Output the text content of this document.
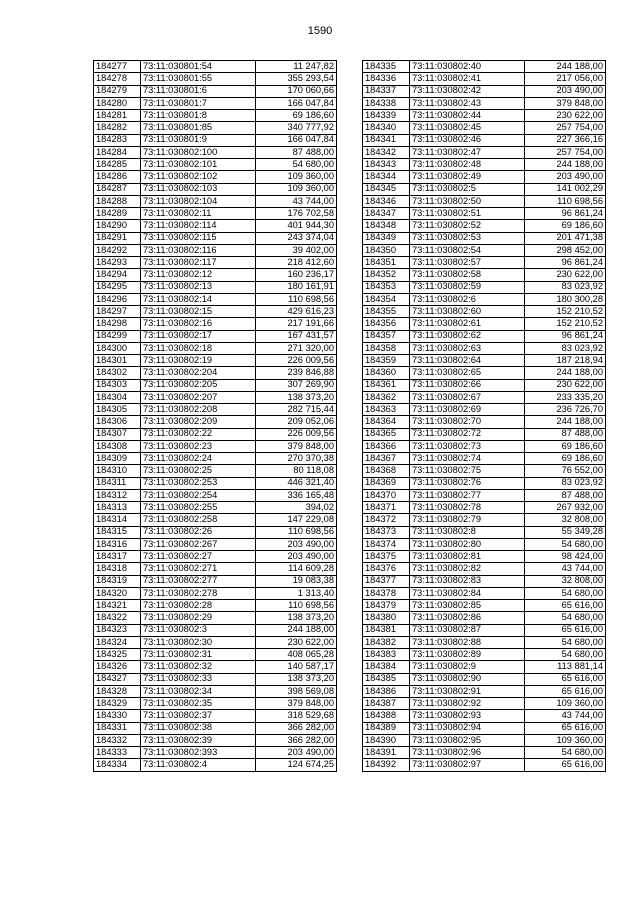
1590
184277	73:11:030801:54	11 247,82
184278	73:11:030801:55	355 293,54
184279	73:11:030801:6	170 060,66
184280	73:11:030801:7	166 047,84
184281	73:11:030801:8	69 186,60
184282	73:11:030801:85	340 777,92
184283	73:11:030801:9	166 047,84
184284	73:11:030802:100	87 488,00
184285	73:11:030802:101	54 680,00
184286	73:11:030802:102	109 360,00
184287	73:11:030802:103	109 360,00
184288	73:11:030802:104	43 744,00
184289	73:11:030802:11	176 702,58
184290	73:11:030802:114	401 944,30
184291	73:11:030802:115	243 374,04
184292	73:11:030802:116	39 402,00
184293	73:11:030802:117	218 412,60
184294	73:11:030802:12	160 236,17
184295	73:11:030802:13	180 161,91
184296	73:11:030802:14	110 698,56
184297	73:11:030802:15	429 616,23
184298	73:11:030802:16	217 191,66
184299	73:11:030802:17	167 431,57
184300	73:11:030802:18	271 320,00
184301	73:11:030802:19	226 009,56
184302	73:11:030802:204	239 846,88
184303	73:11:030802:205	307 269,90
184304	73:11:030802:207	138 373,20
184305	73:11:030802:208	282 715,44
184306	73:11:030802:209	209 052,06
184307	73:11:030802:22	226 009,56
184308	73:11:030802:23	379 848,00
184309	73:11:030802:24	270 370,38
184310	73:11:030802:25	80 118,08
184311	73:11:030802:253	446 321,40
184312	73:11:030802:254	336 165,48
184313	73:11:030802:255	394,02
184314	73:11:030802:258	147 229,08
184315	73:11:030802:26	110 698,56
184316	73:11:030802:267	203 490,00
184317	73:11:030802:27	203 490,00
184318	73:11:030802:271	114 609,28
184319	73:11:030802:277	19 083,38
184320	73:11:030802:278	1 313,40
184321	73:11:030802:28	110 698,56
184322	73:11:030802:29	138 373,20
184323	73:11:030802:3	244 188,00
184324	73:11:030802:30	230 622,00
184325	73:11:030802:31	408 065,28
184326	73:11:030802:32	140 587,17
184327	73:11:030802:33	138 373,20
184328	73:11:030802:34	398 569,08
184329	73:11:030802:35	379 848,00
184330	73:11:030802:37	318 529,68
184331	73:11:030802:38	366 282,00
184332	73:11:030802:39	366 282,00
184333	73:11:030802:393	203 490,00
184334	73:11:030802:4	124 674,25
184335	73:11:030802:40	244 188,00
184336	73:11:030802:41	217 056,00
184337	73:11:030802:42	203 490,00
184338	73:11:030802:43	379 848,00
184339	73:11:030802:44	230 622,00
184340	73:11:030802:45	257 754,00
184341	73:11:030802:46	227 366,16
184342	73:11:030802:47	257 754,00
184343	73:11:030802:48	244 188,00
184344	73:11:030802:49	203 490,00
184345	73:11:030802:5	141 002,29
184346	73:11:030802:50	110 698,56
184347	73:11:030802:51	96 861,24
184348	73:11:030802:52	69 186,60
184349	73:11:030802:53	201 471,38
184350	73:11:030802:54	298 452,00
184351	73:11:030802:57	96 861,24
184352	73:11:030802:58	230 622,00
184353	73:11:030802:59	83 023,92
184354	73:11:030802:6	180 300,28
184355	73:11:030802:60	152 210,52
184356	73:11:030802:61	152 210,52
184357	73:11:030802:62	96 861,24
184358	73:11:030802:63	83 023,92
184359	73:11:030802:64	187 218,94
184360	73:11:030802:65	244 188,00
184361	73:11:030802:66	230 622,00
184362	73:11:030802:67	233 335,20
184363	73:11:030802:69	236 726,70
184364	73:11:030802:70	244 188,00
184365	73:11:030802:72	87 488,00
184366	73:11:030802:73	69 186,60
184367	73:11:030802:74	69 186,60
184368	73:11:030802:75	76 552,00
184369	73:11:030802:76	83 023,92
184370	73:11:030802:77	87 488,00
184371	73:11:030802:78	267 932,00
184372	73:11:030802:79	32 808,00
184373	73:11:030802:8	55 349,28
184374	73:11:030802:80	54 680,00
184375	73:11:030802:81	98 424,00
184376	73:11:030802:82	43 744,00
184377	73:11:030802:83	32 808,00
184378	73:11:030802:84	54 680,00
184379	73:11:030802:85	65 616,00
184380	73:11:030802:86	54 680,00
184381	73:11:030802:87	65 616,00
184382	73:11:030802:88	54 680,00
184383	73:11:030802:89	54 680,00
184384	73:11:030802:9	113 881,14
184385	73:11:030802:90	65 616,00
184386	73:11:030802:91	65 616,00
184387	73:11:030802:92	109 360,00
184388	73:11:030802:93	43 744,00
184389	73:11:030802:94	65 616,00
184390	73:11:030802:95	109 360,00
184391	73:11:030802:96	54 680,00
184392	73:11:030802:97	65 616,00
